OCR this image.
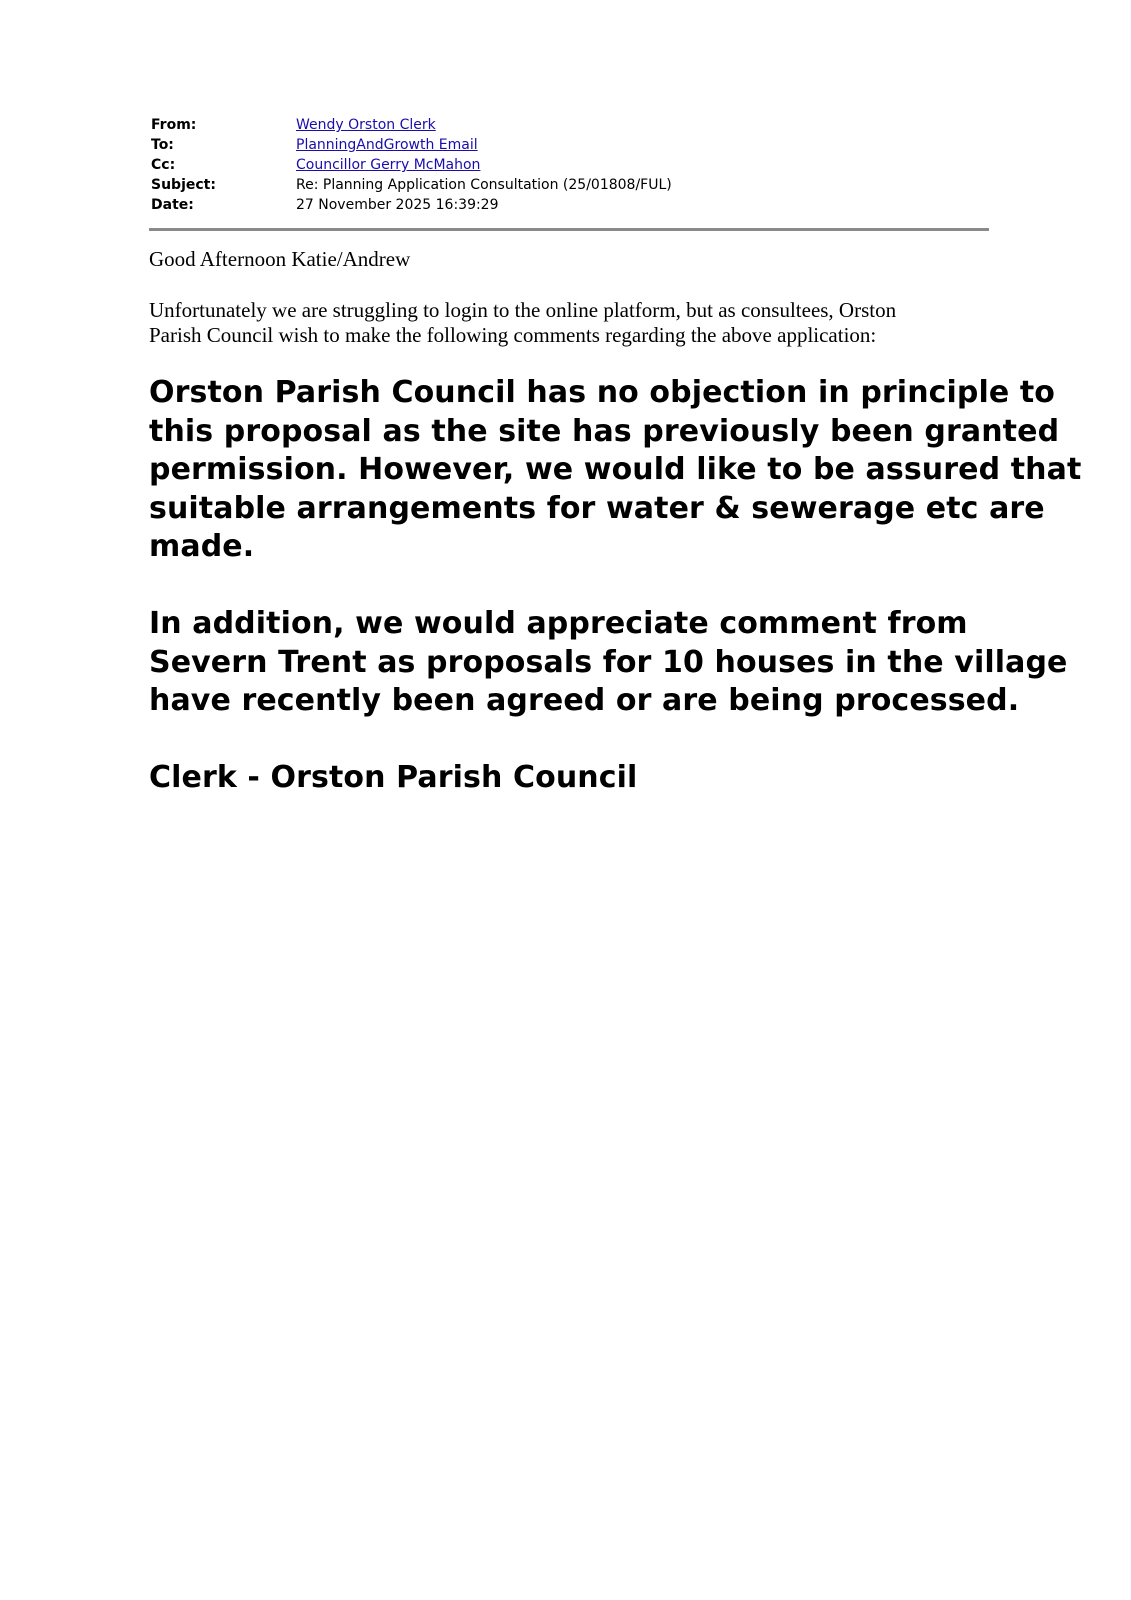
From:	Wendy Orston Clerk
To:	PlanningAndGrowth Email
Cc:	Councillor Gerry McMahon
Subject:	Re: Planning Application Consultation (25/01808/FUL)
Date:	27 November 2025 16:39:29
Good Afternoon Katie/Andrew
Unfortunately we are struggling to login to the online platform, but as consultees, Orston
Parish Council wish to make the following comments regarding the above application:
Orston Parish Council has no objection in principle to
this proposal as the site has previously been granted
permission. However, we would like to be assured that
suitable arrangements for water & sewerage etc are
made.
In addition, we would appreciate comment from
Severn Trent as proposals for 10 houses in the village
have recently been agreed or are being processed.
Clerk - Orston Parish Council
